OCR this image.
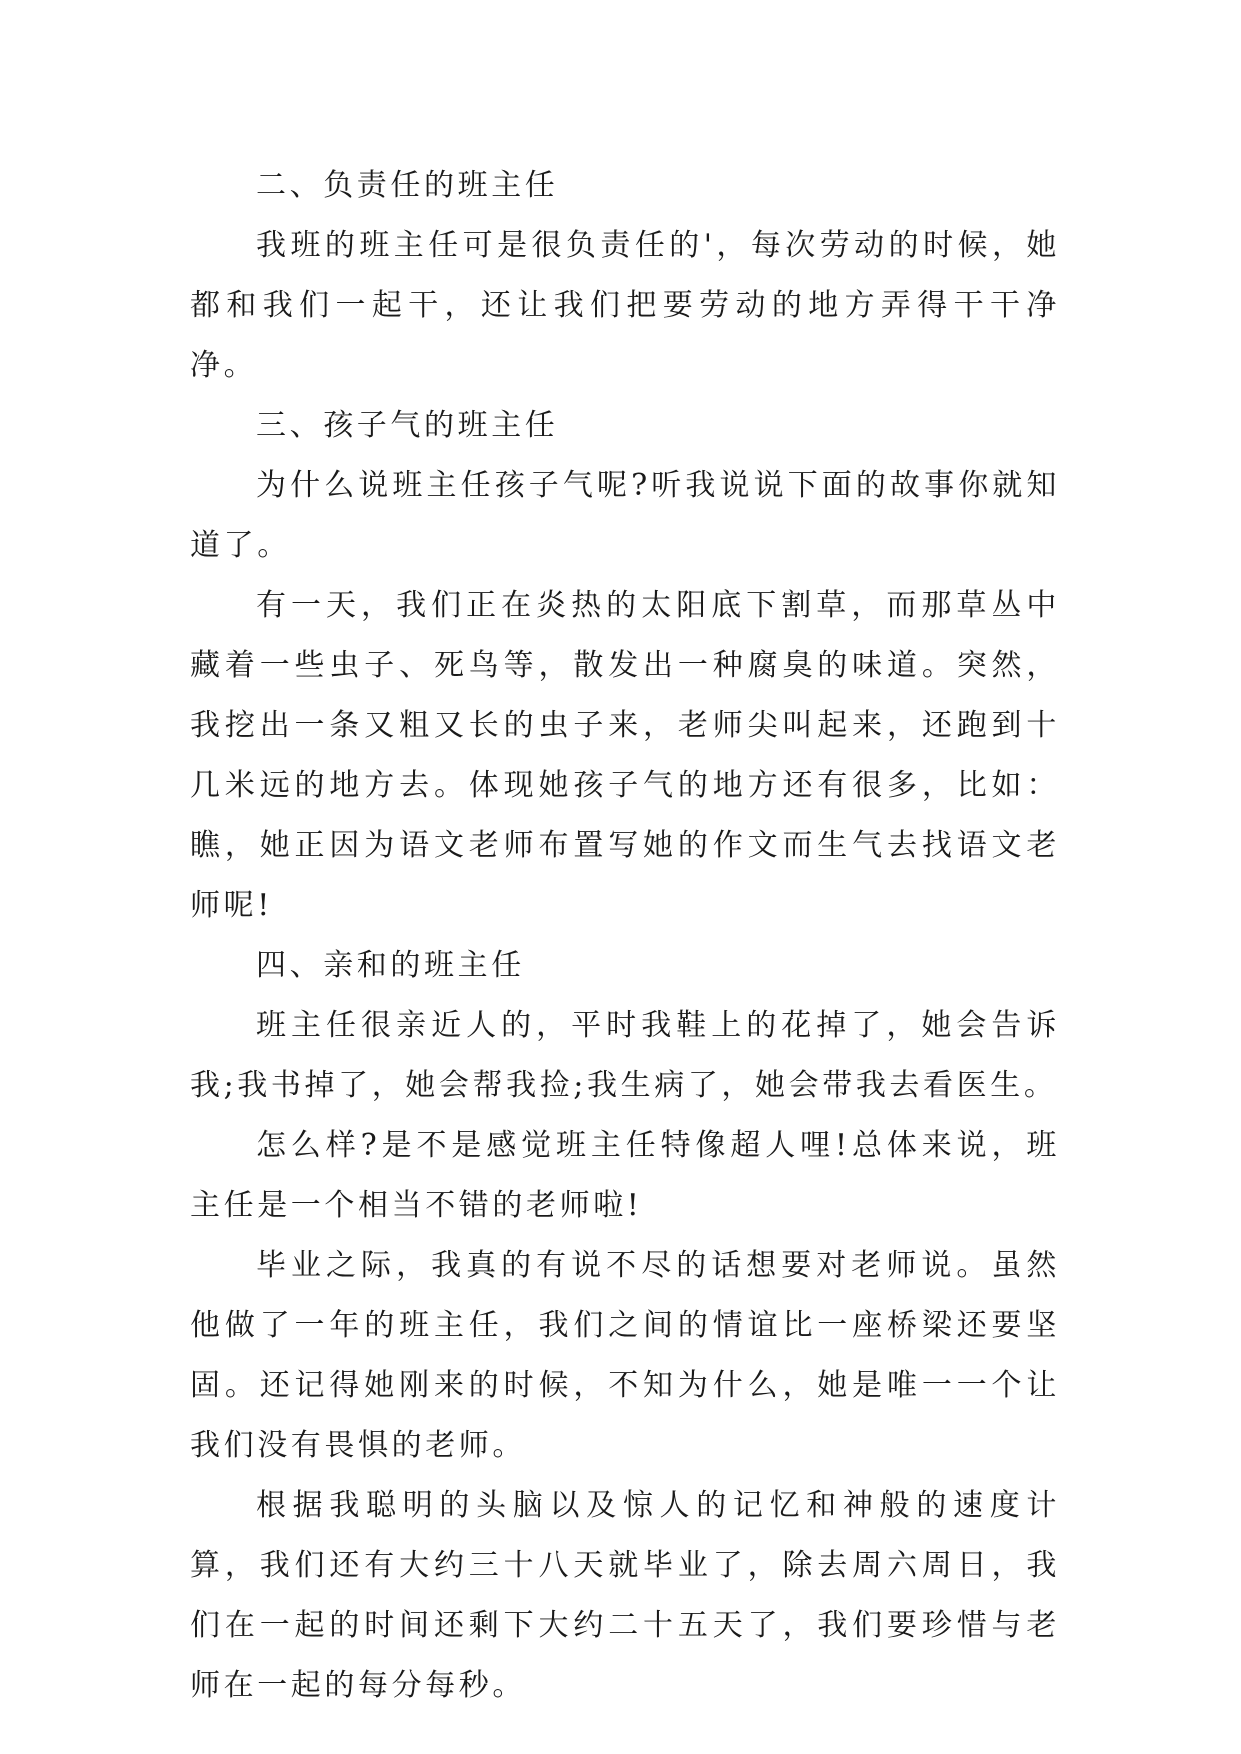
二、负责任的班主任

我班的班主任可是很负责任的'，每次劳动的时候，她都和我们一起干，还让我们把要劳动的地方弄得干干净净。

三、孩子气的班主任

为什么说班主任孩子气呢?听我说说下面的故事你就知道了。

有一天，我们正在炎热的太阳底下割草，而那草丛中藏着一些虫子、死鸟等，散发出一种腐臭的味道。突然，我挖出一条又粗又长的虫子来，老师尖叫起来，还跑到十几米远的地方去。体现她孩子气的地方还有很多，比如：瞧，她正因为语文老师布置写她的作文而生气去找语文老师呢!

四、亲和的班主任

班主任很亲近人的，平时我鞋上的花掉了，她会告诉我;我书掉了，她会帮我捡;我生病了，她会带我去看医生。

怎么样?是不是感觉班主任特像超人哩!总体来说，班主任是一个相当不错的老师啦!

毕业之际，我真的有说不尽的话想要对老师说。虽然他做了一年的班主任，我们之间的情谊比一座桥梁还要坚固。还记得她刚来的时候，不知为什么，她是唯一一个让我们没有畏惧的老师。

根据我聪明的头脑以及惊人的记忆和神般的速度计算，我们还有大约三十八天就毕业了，除去周六周日，我们在一起的时间还剩下大约二十五天了，我们要珍惜与老师在一起的每分每秒。
